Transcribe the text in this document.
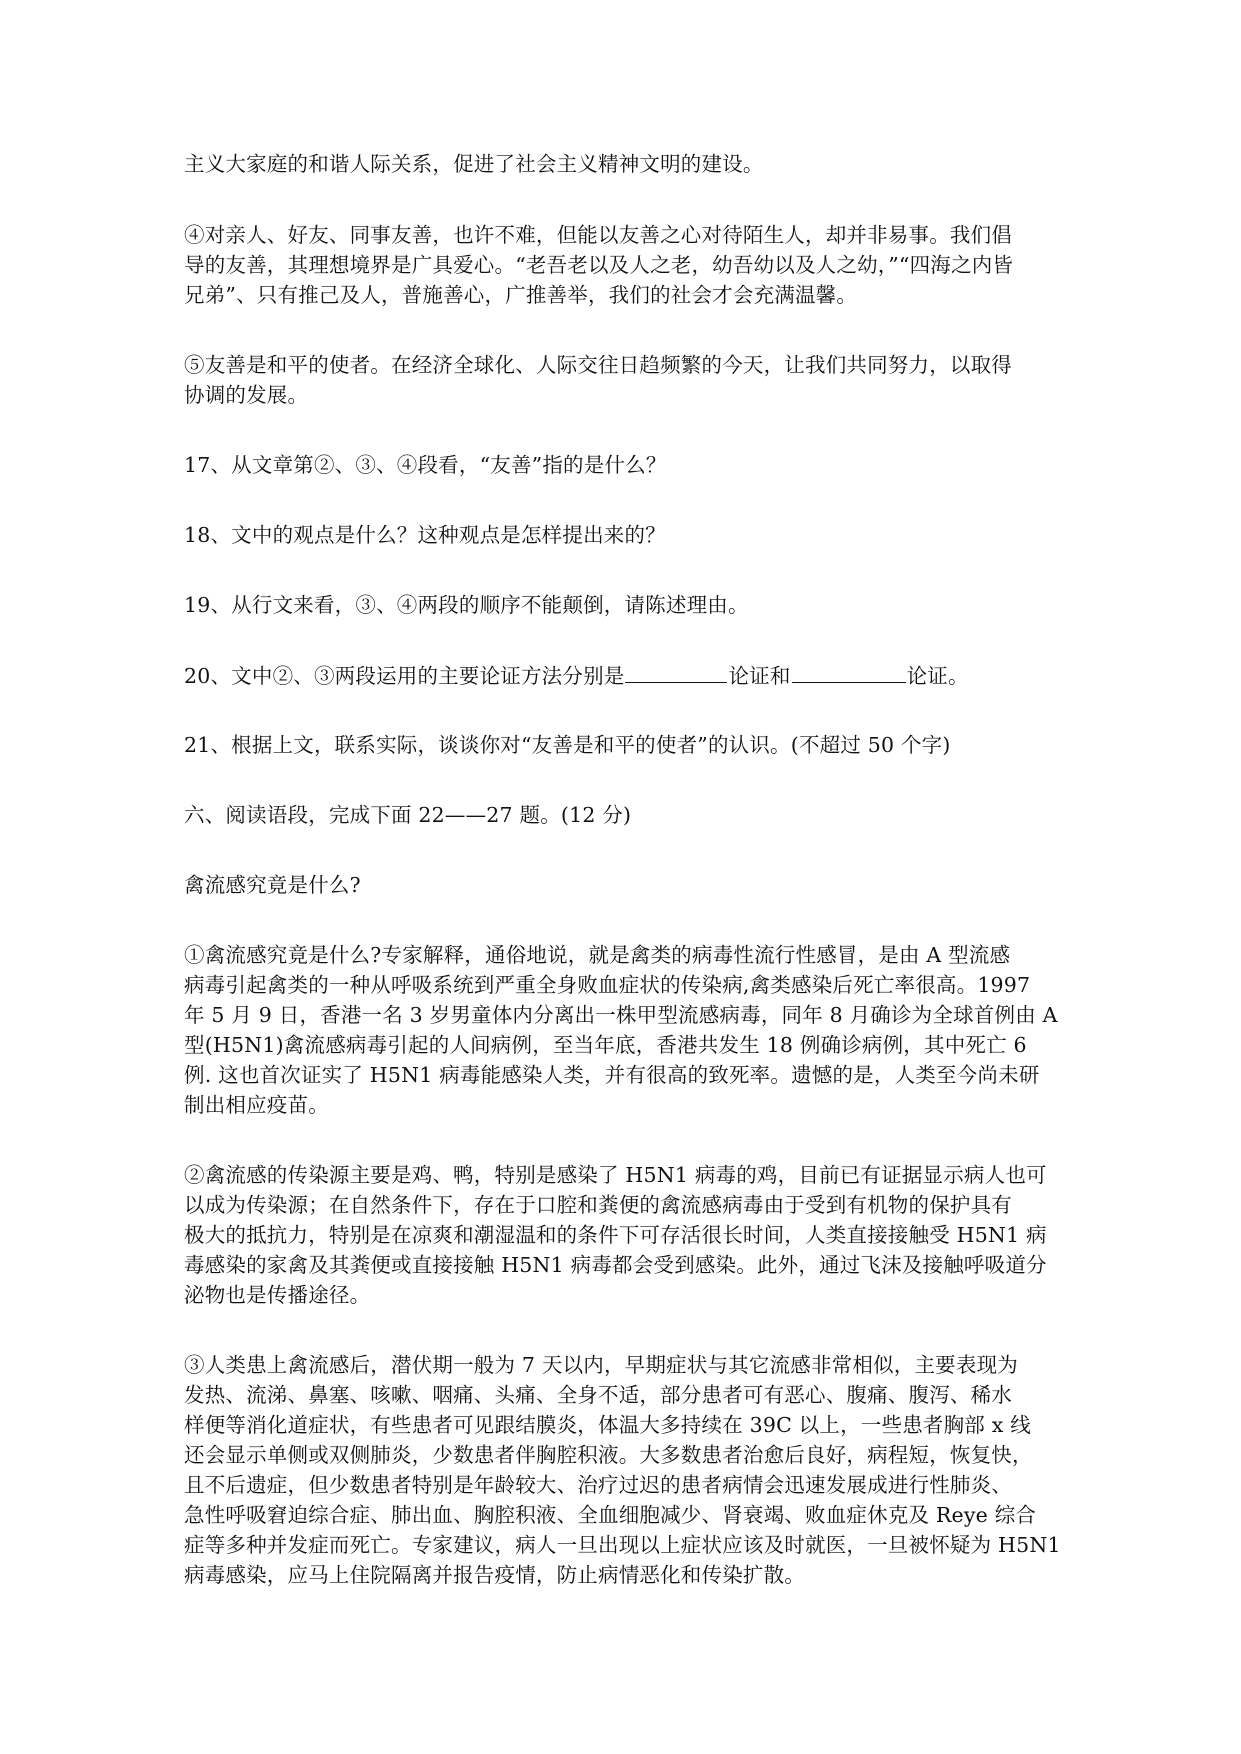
主义大家庭的和谐人际关系，促进了社会主义精神文明的建设。
④对亲人、好友、同事友善，也许不难，但能以友善之心对待陌生人，却并非易事。我们倡
导的友善，其理想境界是广具爱心。“老吾老以及人之老，幼吾幼以及人之幼，”“四海之内皆
兄弟”、只有推己及人，普施善心，广推善举，我们的社会才会充满温馨。
⑤友善是和平的使者。在经济全球化、人际交往日趋频繁的今天，让我们共同努力，以取得
协调的发展。
17、从文章第②、③、④段看，“友善”指的是什么？
18、文中的观点是什么？这种观点是怎样提出来的？
19、从行文来看，③、④两段的顺序不能颠倒，请陈述理由。
20、文中②、③两段运用的主要论证方法分别是	论证和	论证。
21、根据上文，联系实际，谈谈你对“友善是和平的使者”的认识。(不超过 50 个字)
六、阅读语段，完成下面 22——27 题。(12 分)
禽流感究竟是什么?
①禽流感究竟是什么?专家解释，通俗地说，就是禽类的病毒性流行性感冒，是由 A 型流感
病毒引起禽类的一种从呼吸系统到严重全身败血症状的传染病,禽类感染后死亡率很高。1997
年 5 月 9 日，香港一名 3 岁男童体内分离出一株甲型流感病毒，同年 8 月确诊为全球首例由 A
型(H5N1)禽流感病毒引起的人间病例，至当年底，香港共发生 18 例确诊病例，其中死亡 6
例. 这也首次证实了 H5N1 病毒能感染人类，并有很高的致死率。遗憾的是，人类至今尚未研
制出相应疫苗。
②禽流感的传染源主要是鸡、鸭，特别是感染了 H5N1 病毒的鸡，目前已有证据显示病人也可
以成为传染源；在自然条件下，存在于口腔和粪便的禽流感病毒由于受到有机物的保护具有
极大的抵抗力，特别是在凉爽和潮湿温和的条件下可存活很长时间，人类直接接触受 H5N1 病
毒感染的家禽及其粪便或直接接触 H5N1 病毒都会受到感染。此外，通过飞沫及接触呼吸道分
泌物也是传播途径。
③人类患上禽流感后，潜伏期一般为 7 天以内，早期症状与其它流感非常相似，主要表现为
发热、流涕、鼻塞、咳嗽、咽痛、头痛、全身不适，部分患者可有恶心、腹痛、腹泻、稀水
样便等消化道症状，有些患者可见跟结膜炎，体温大多持续在 39C 以上，一些患者胸部 x 线
还会显示单侧或双侧肺炎，少数患者伴胸腔积液。大多数患者治愈后良好，病程短，恢复快，
且不后遗症，但少数患者特别是年龄较大、治疗过迟的患者病情会迅速发展成进行性肺炎、
急性呼吸窘迫综合症、肺出血、胸腔积液、全血细胞减少、肾衰竭、败血症休克及 Reye 综合
症等多种并发症而死亡。专家建议，病人一旦出现以上症状应该及时就医，一旦被怀疑为 H5N1
病毒感染，应马上住院隔离并报告疫情，防止病情恶化和传染扩散。
